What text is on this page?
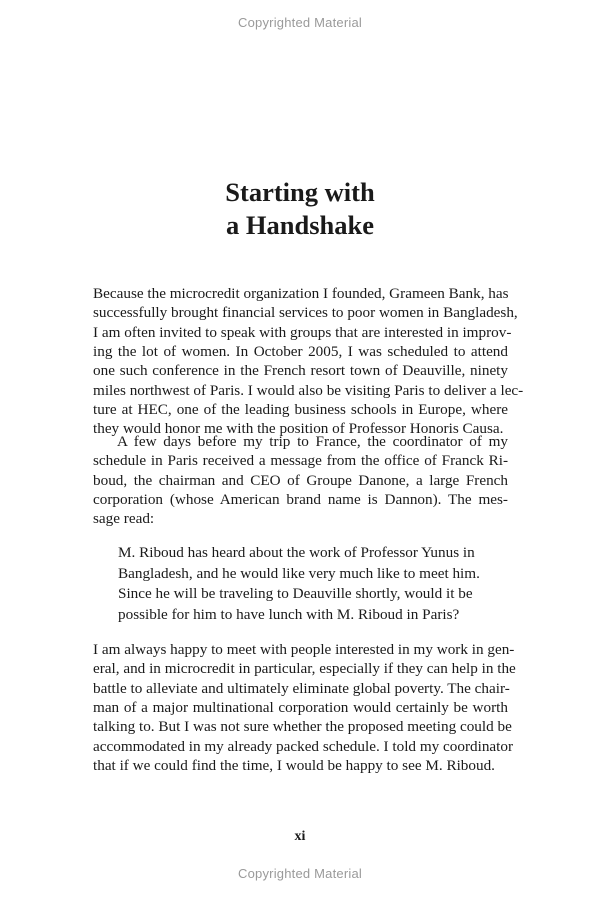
Copyrighted Material
Starting with
a Handshake
Because the microcredit organization I founded, Grameen Bank, has
successfully brought financial services to poor women in Bangladesh,
I am often invited to speak with groups that are interested in improv-
ing the lot of women. In October 2005, I was scheduled to attend
one such conference in the French resort town of Deauville, ninety
miles northwest of Paris. I would also be visiting Paris to deliver a lec-
ture at HEC, one of the leading business schools in Europe, where
they would honor me with the position of Professor Honoris Causa.
A few days before my trip to France, the coordinator of my
schedule in Paris received a message from the office of Franck Ri-
boud, the chairman and CEO of Groupe Danone, a large French
corporation (whose American brand name is Dannon). The mes-
sage read:
M. Riboud has heard about the work of Professor Yunus in
Bangladesh, and he would like very much like to meet him.
Since he will be traveling to Deauville shortly, would it be
possible for him to have lunch with M. Riboud in Paris?
I am always happy to meet with people interested in my work in gen-
eral, and in microcredit in particular, especially if they can help in the
battle to alleviate and ultimately eliminate global poverty. The chair-
man of a major multinational corporation would certainly be worth
talking to. But I was not sure whether the proposed meeting could be
accommodated in my already packed schedule. I told my coordinator
that if we could find the time, I would be happy to see M. Riboud.
xi
Copyrighted Material
